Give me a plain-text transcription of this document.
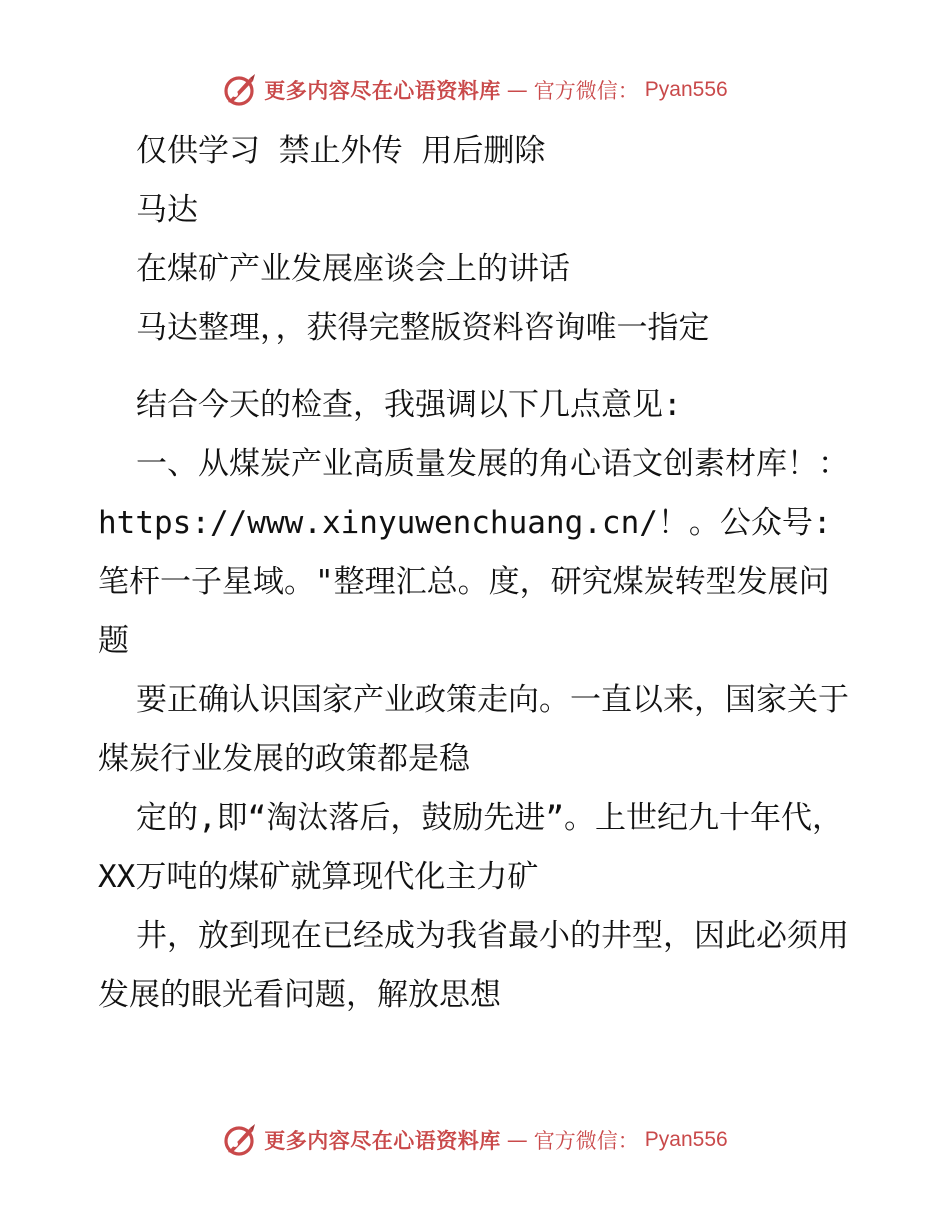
更多内容尽在心语资料库 — 官方微信： Pyan556

仅供学习 禁止外传 用后删除

马达

在煤矿产业发展座谈会上的讲话

马达整理，，获得完整版资料咨询唯一指定

结合今天的检查，我强调以下几点意见:

一、从煤炭产业高质量发展的角心语文创素材库！：https://www.xinyuwenchuang.cn/！。公众号: 笔杆一子星域。"整理汇总。度，研究煤炭转型发展问题

要正确认识国家产业政策走向。一直以来，国家关于煤炭行业发展的政策都是稳

定的,即“淘汰落后，鼓励先进”。上世纪九十年代，XX万吨的煤矿就算现代化主力矿

井，放到现在已经成为我省最小的井型，因此必须用发展的眼光看问题，解放思想

更多内容尽在心语资料库 — 官方微信： Pyan556
